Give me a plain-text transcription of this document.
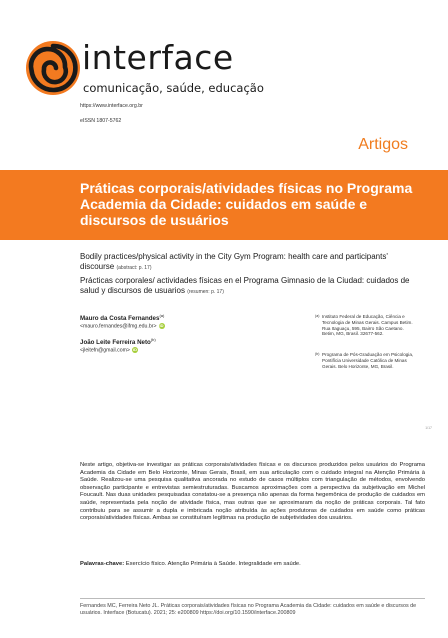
interface
comunicação, saúde, educação
https://www.interface.org.br
eISSN 1807-5762
Artigos
Práticas corporais/atividades físicas no Programa Academia da Cidade: cuidados em saúde e discursos de usuários
Bodily practices/physical activity in the City Gym Program: health care and participants' discourse (abstract: p. 17)
Prácticas corporales/ actividades físicas en el Programa Gimnasio de la Ciudad: cuidados de salud y discursos de usuarios (resumen: p. 17)
Mauro da Costa Fernandes$^{(a)}$
<mauro.fernandes@ifmg.edu.br> iD
João Leite Ferreira Neto$^{(b)}$
<jleitefn@gmail.com> iD
(a) Instituto Federal de Educação, Ciência e Tecnologia de Minas Gerais. Campus Betim. Rua Itaguaçu, 595, Bairro São Caetano. Betim, MG, Brasil. 32677-562.
(b) Programa de Pós-Graduação em Psicologia, Pontifícia Universidade Católica de Minas Gerais. Belo Horizonte, MG, Brasil.
1/17
Neste artigo, objetiva-se investigar as práticas corporais/atividades físicas e os discursos produzidos pelos usuários do Programa Academia da Cidade em Belo Horizonte, Minas Gerais, Brasil, em sua articulação com o cuidado integral na Atenção Primária à Saúde. Realizou-se uma pesquisa qualitativa ancorada no estudo de casos múltiplos com triangulação de métodos, envolvendo observação participante e entrevistas semiestruturadas. Buscamos aproximações com a perspectiva da subjetivação em Michel Foucault. Nas duas unidades pesquisadas constatou-se a presença não apenas da forma hegemônica de produção de cuidados em saúde, representada pela noção de atividade física, mas outras que se aproximaram da noção de práticas corporais. Tal fato contribuiu para se assumir a dupla e imbricada noção atribuída às ações produtoras de cuidados em saúde como práticas corporais/atividades físicas. Ambas se constituíram legítimas na produção de subjetividades dos usuários.
Palavras-chave: Exercício físico. Atenção Primária à Saúde. Integralidade em saúde.
Fernandes MC, Ferreira Neto JL. Práticas corporais/atividades físicas no Programa Academia da Cidade: cuidados em saúde e discursos de usuários. Interface (Botucatu). 2021; 25: e200809 https://doi.org/10.1590/interface.200809
